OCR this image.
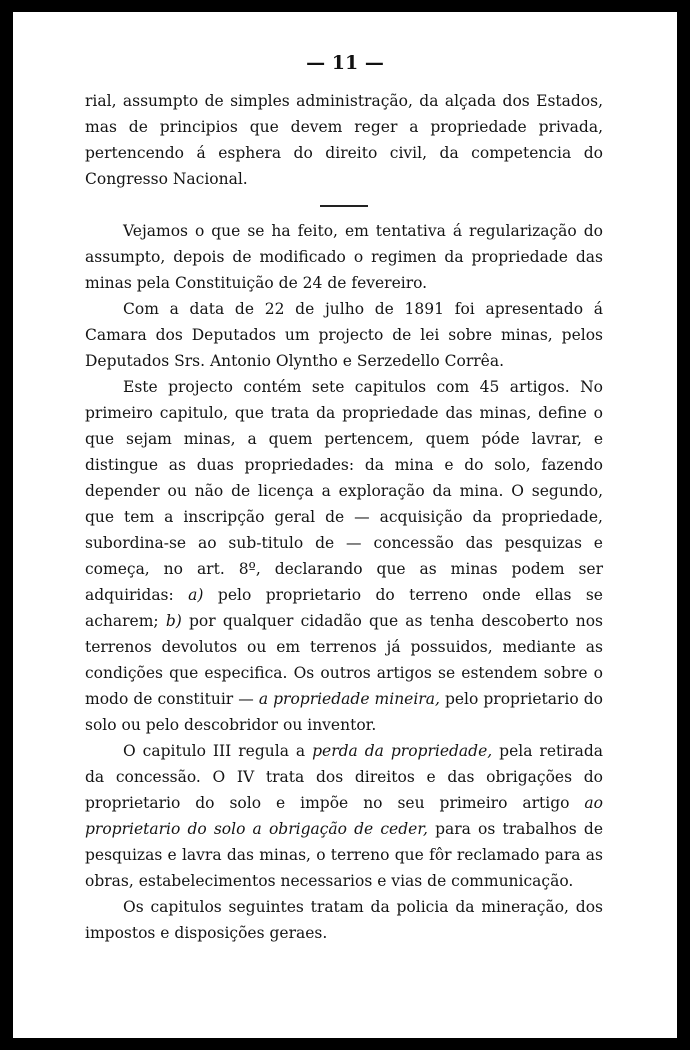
— 11 —

rial, assumpto de simples administração, da alçada dos Estados, mas de principios que devem reger a propriedade privada, pertencendo á esphera do direito civil, da competencia do Congresso Nacional.

Vejamos o que se ha feito, em tentativa á regularização do assumpto, depois de modificado o regimen da propriedade das minas pela Constituição de 24 de fevereiro.

Com a data de 22 de julho de 1891 foi apresentado á Camara dos Deputados um projecto de lei sobre minas, pelos Deputados Srs. Antonio Olyntho e Serzedello Corrêa.

Este projecto contém sete capitulos com 45 artigos. No primeiro capitulo, que trata da propriedade das minas, define o que sejam minas, a quem pertencem, quem póde lavrar, e distingue as duas propriedades: da mina e do solo, fazendo depender ou não de licença a exploração da mina. O segundo, que tem a inscripção geral de — acquisição da propriedade, subordina-se ao sub-titulo de — concessão das pesquizas e começa, no art. 8º, declarando que as minas podem ser adquiridas: a) pelo proprietario do terreno onde ellas se acharem; b) por qualquer cidadão que as tenha descoberto nos terrenos devolutos ou em terrenos já possuidos, mediante as condições que especifica. Os outros artigos se estendem sobre o modo de constituir — a propriedade mineira, pelo proprietario do solo ou pelo descobridor ou inventor.

O capitulo III regula a perda da propriedade, pela retirada da concessão. O IV trata dos direitos e das obrigações do proprietario do solo e impõe no seu primeiro artigo ao proprietario do solo a obrigação de ceder, para os trabalhos de pesquizas e lavra das minas, o terreno que fôr reclamado para as obras, estabelecimentos necessarios e vias de communicação.

Os capitulos seguintes tratam da policia da mineração, dos impostos e disposições geraes.
